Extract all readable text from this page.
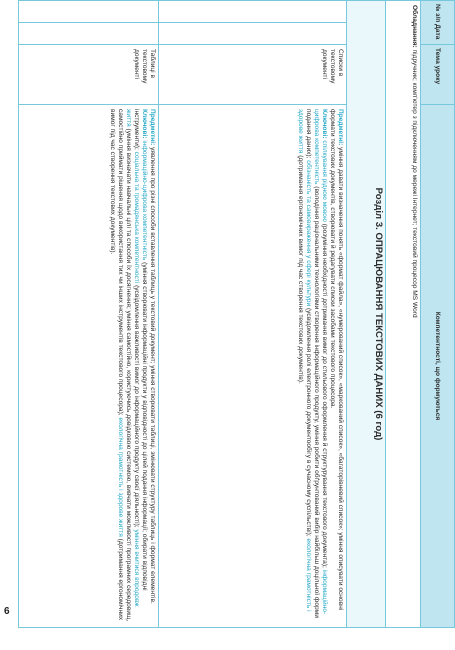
6
№ з/п Дата		Тема уроку	Компетентності, що формуються
Обладнання: підручник; комп'ютер з підключенням до мережі Інтернет; текстовий процесор MS Word			
Розділ 3. ОПРАЦЮВАННЯ ТЕКСТОВИХ ДАНИХ (6 год)			
		Списки в текстовому документі	Предметні: уміння давати визначення понять «формат файла», «нумерований список», «маркований список», «багаторівневий список»; уміння описувати основні формати текстових документів, створювати й редагувати списки засобами текстового процесора.
Ключові: спілкування рідною мовою (розуміння необхідності дотримання вимог до стильового оформлення й структурування текстового документа); інформаційно-цифрова компетентність (володіння раціональними технологіями створення інформаційного продукту, уміння робити обґрунтований вибір найбільш доцільної форми подання даних); обізнаність та самовираження у сфері культури (усвідомлення ролі електронного документообігу в сучасному суспільстві); екологічна грамотність і здорове життя (дотримання ергономічних вимог під час створення текстових документів).
		Таблиці в текстовому документі	Предметні: уявлення про різні способи вставлення таблиць у текстовий документ; уміння створювати таблиці, змінювати структуру таблиць і формат елементів.
Ключові: інформаційно-цифрова компетентність (уміння створювати інформаційні продукти у відповідності до цілей подання інформації; обирати відповідні інструменти); соціальна та громадянська компетентності (усвідомлення важливості вимог до інформаційного продукту своєї діяльності); уміння вчитися впродовж життя (уміння визначати навчальні цілі та способи їх досягнення; уміння самостійно, користуючись довідковою системою, вивчати можливості програмних середовищ, самостійно приймати рішення щодо використання тих чи інших інструментів текстового процесора); екологічна грамотність і здорове життя (дотримання ергономічних вимог під час створення текстових документів).
